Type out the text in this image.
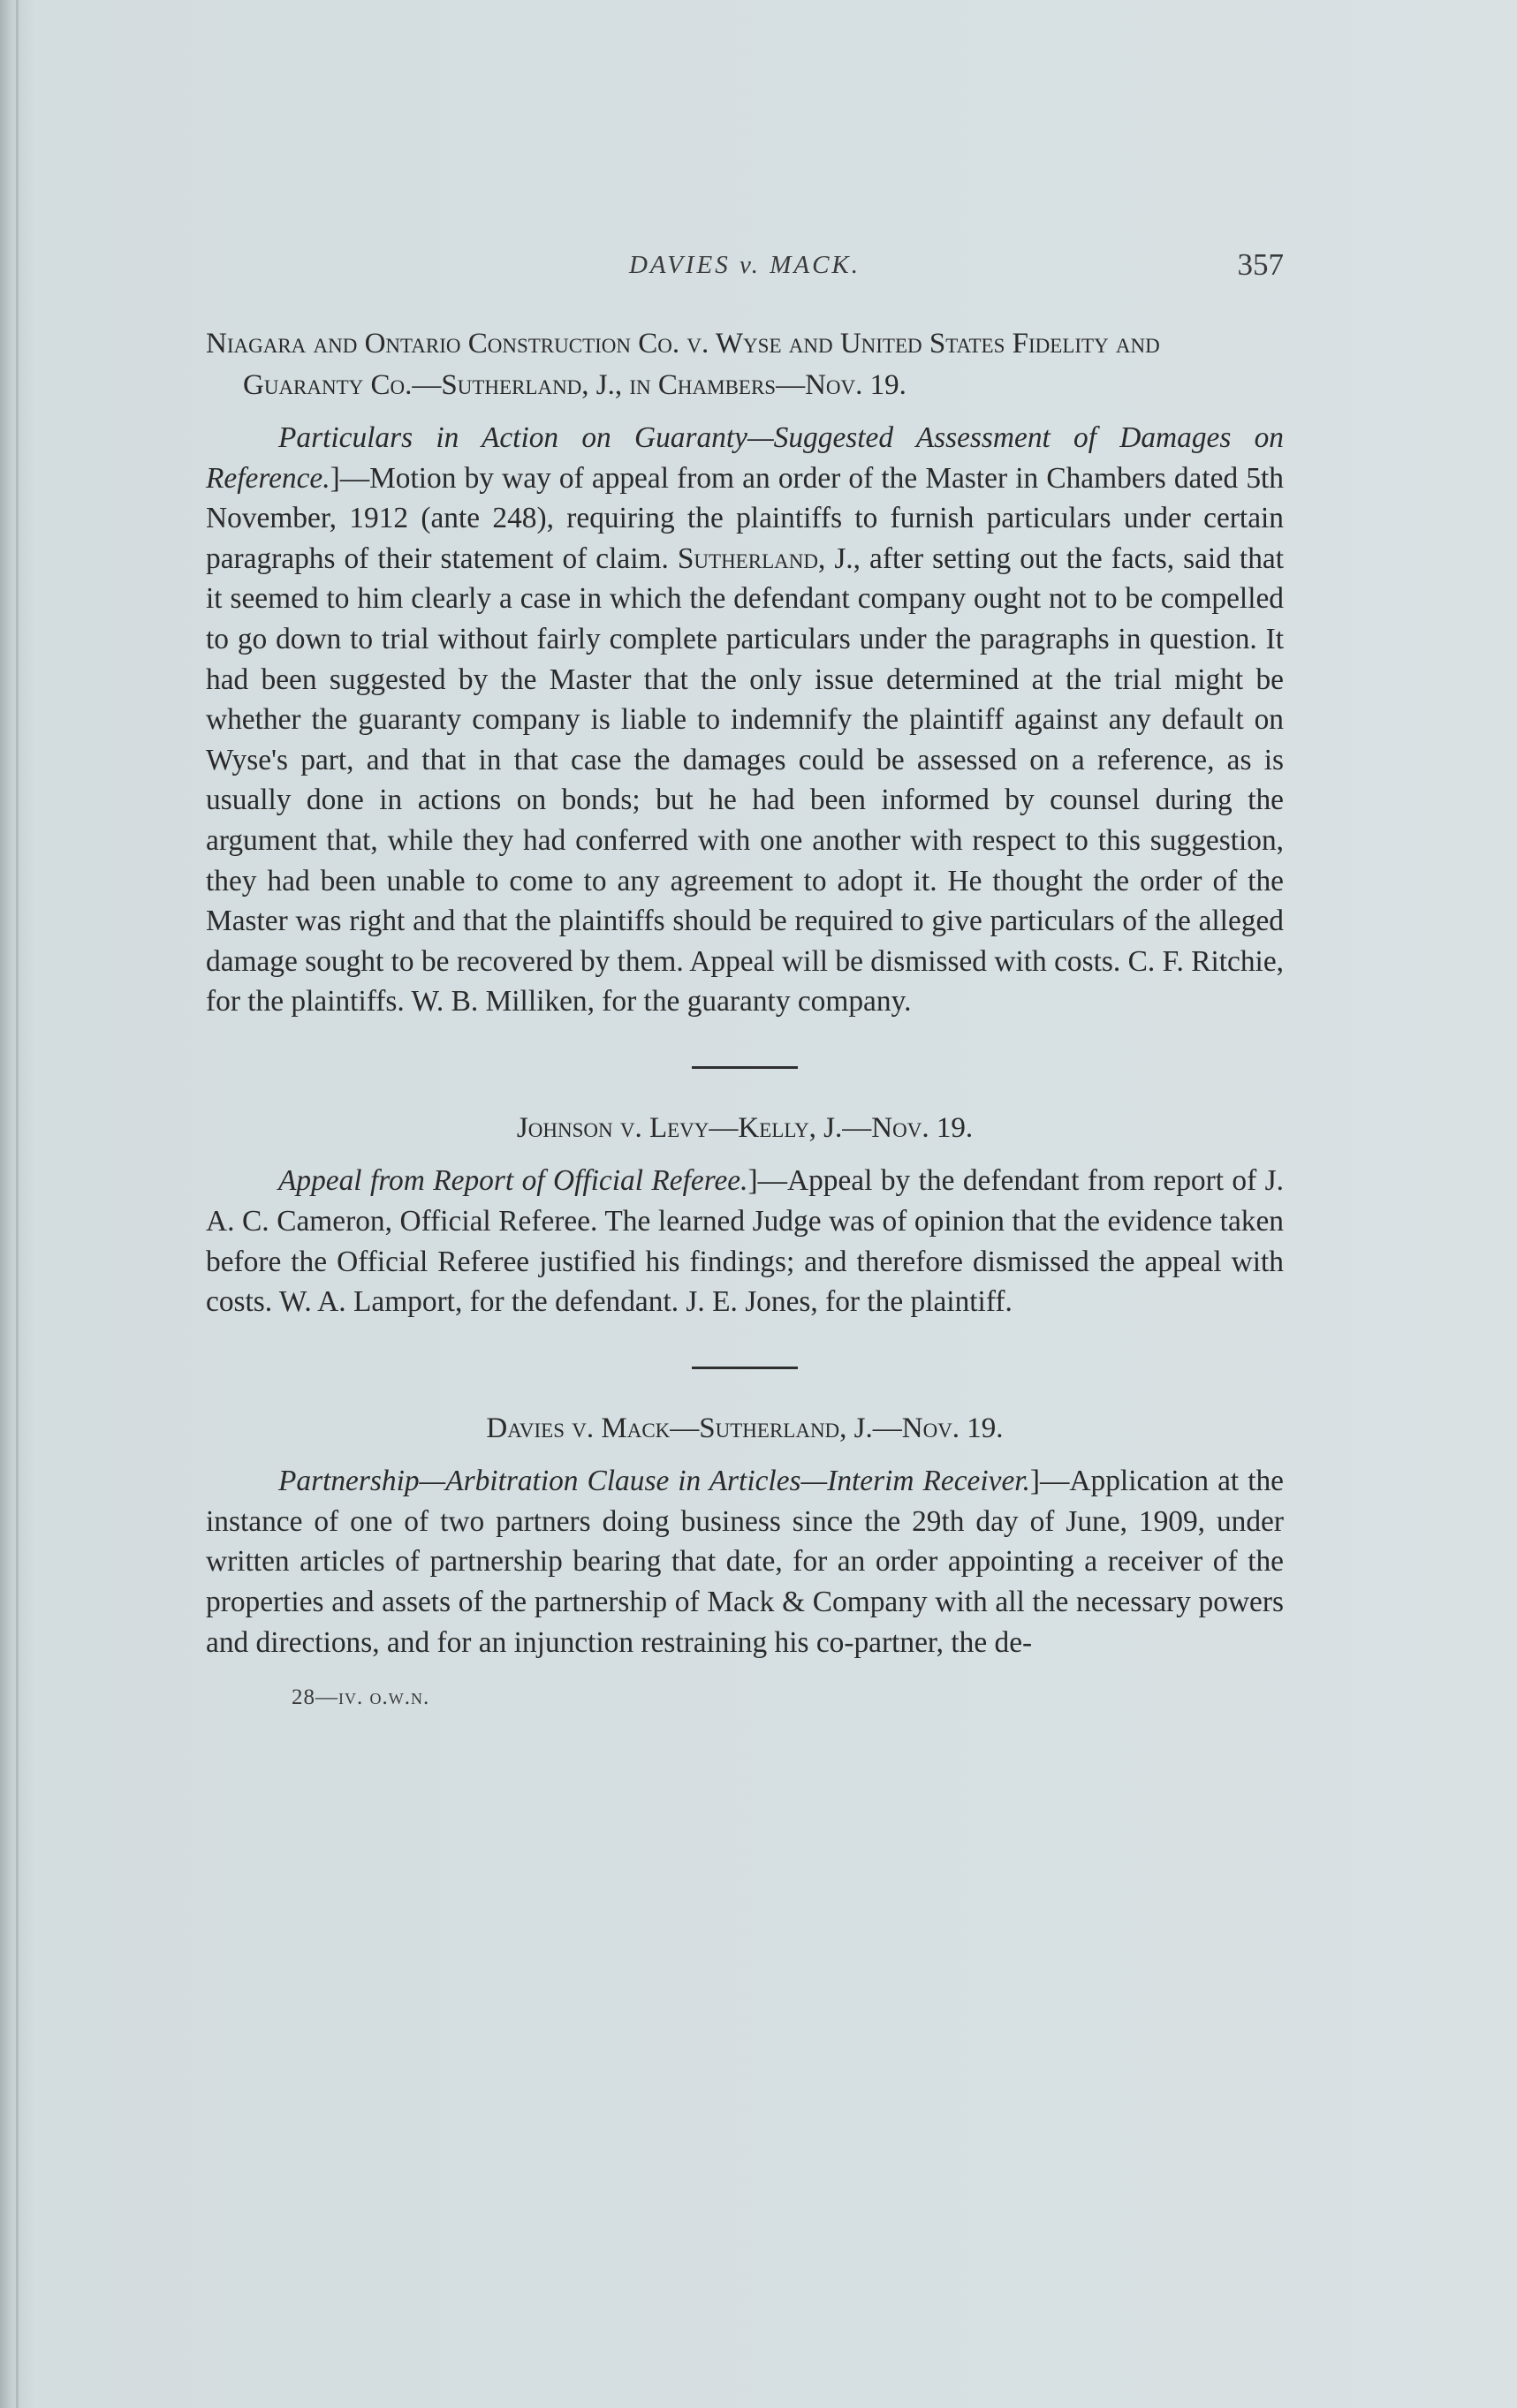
DAVIES v. MACK.	357

Niagara and Ontario Construction Co. v. Wyse and United States Fidelity and Guaranty Co.—Sutherland, J., in Chambers—Nov. 19.

Particulars in Action on Guaranty—Suggested Assessment of Damages on Reference.]—Motion by way of appeal from an order of the Master in Chambers dated 5th November, 1912 (ante 248), requiring the plaintiffs to furnish particulars under certain paragraphs of their statement of claim. Sutherland, J., after setting out the facts, said that it seemed to him clearly a case in which the defendant company ought not to be compelled to go down to trial without fairly complete particulars under the paragraphs in question. It had been suggested by the Master that the only issue determined at the trial might be whether the guaranty company is liable to indemnify the plaintiff against any default on Wyse's part, and that in that case the damages could be assessed on a reference, as is usually done in actions on bonds; but he had been informed by counsel during the argument that, while they had conferred with one another with respect to this suggestion, they had been unable to come to any agreement to adopt it. He thought the order of the Master was right and that the plaintiffs should be required to give particulars of the alleged damage sought to be recovered by them. Appeal will be dismissed with costs. C. F. Ritchie, for the plaintiffs. W. B. Milliken, for the guaranty company.

Johnson v. Levy—Kelly, J.—Nov. 19.

Appeal from Report of Official Referee.]—Appeal by the defendant from report of J. A. C. Cameron, Official Referee. The learned Judge was of opinion that the evidence taken before the Official Referee justified his findings; and therefore dismissed the appeal with costs. W. A. Lamport, for the defendant. J. E. Jones, for the plaintiff.

Davies v. Mack—Sutherland, J.—Nov. 19.

Partnership—Arbitration Clause in Articles—Interim Receiver.]—Application at the instance of one of two partners doing business since the 29th day of June, 1909, under written articles of partnership bearing that date, for an order appointing a receiver of the properties and assets of the partnership of Mack & Company with all the necessary powers and directions, and for an injunction restraining his co-partner, the de-

28—iv. o.w.n.
